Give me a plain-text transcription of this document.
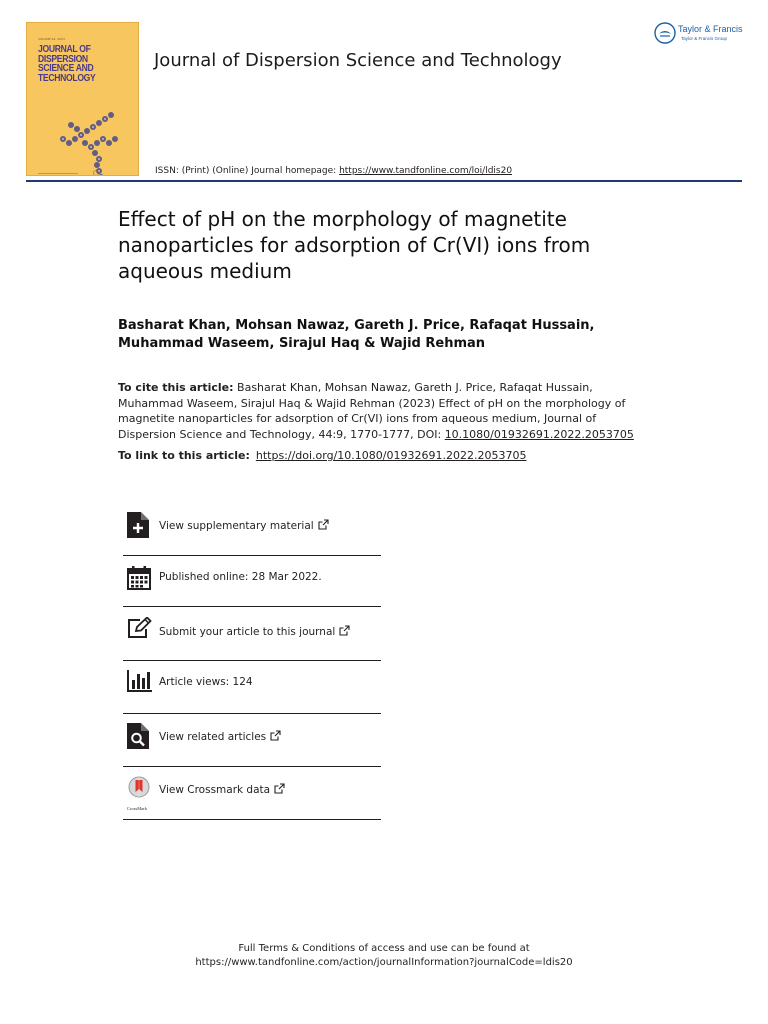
VOLUME 44, 2023
JOURNAL OF DISPERSION SCIENCE AND TECHNOLOGY
Journal of Dispersion Science and Technology
ISSN: (Print) (Online) Journal homepage: https://www.tandfonline.com/loi/ldis20
Taylor & Francis
Taylor & Francis Group
Effect of pH on the morphology of magnetite nanoparticles for adsorption of Cr(VI) ions from aqueous medium

Basharat Khan, Mohsan Nawaz, Gareth J. Price, Rafaqat Hussain, Muhammad Waseem, Sirajul Haq & Wajid Rehman

To cite this article: Basharat Khan, Mohsan Nawaz, Gareth J. Price, Rafaqat Hussain, Muhammad Waseem, Sirajul Haq & Wajid Rehman (2023) Effect of pH on the morphology of magnetite nanoparticles for adsorption of Cr(VI) ions from aqueous medium, Journal of Dispersion Science and Technology, 44:9, 1770-1777, DOI: 10.1080/01932691.2022.2053705

To link to this article: https://doi.org/10.1080/01932691.2022.2053705

View supplementary material
Published online: 28 Mar 2022.
Submit your article to this journal
Article views: 124
View related articles
CrossMark
View Crossmark data
Full Terms & Conditions of access and use can be found at
https://www.tandfonline.com/action/journalInformation?journalCode=ldis20
